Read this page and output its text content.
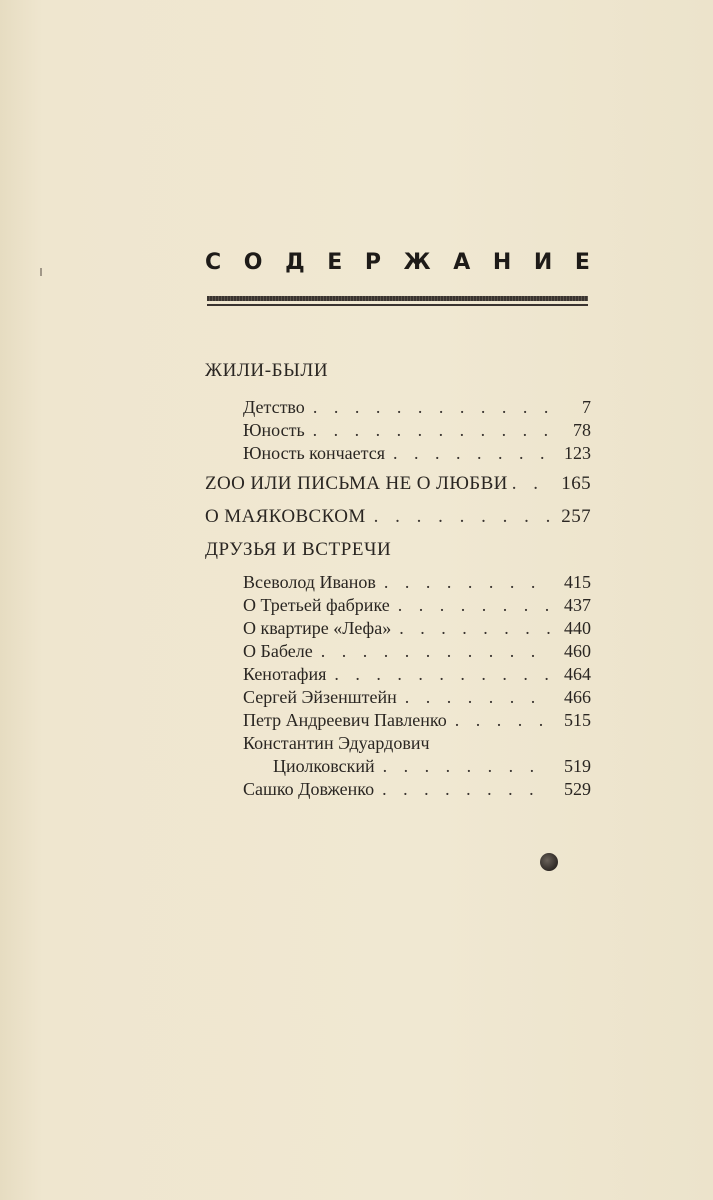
С О Д Е Р Ж А Н И Е
ЖИЛИ-БЫЛИ
Детство . . .	7
Юность . . .	78
Юность кончается . . .	123
ZOO ИЛИ ПИСЬМА НЕ О ЛЮБВИ . . .	165
О МАЯКОВСКОМ . . .	257
ДРУЗЬЯ И ВСТРЕЧИ
Всеволод Иванов . . .	415
О Третьей фабрике . . .	437
О квартире «Лефа» . . .	440
О Бабеле . . .	460
Кенотафия . . .	464
Сергей Эйзенштейн . . .	466
Петр Андреевич Павленко . . .	515
Константин Эдуардович
Циолковский . . .	519
Сашко Довженко . . .	529
